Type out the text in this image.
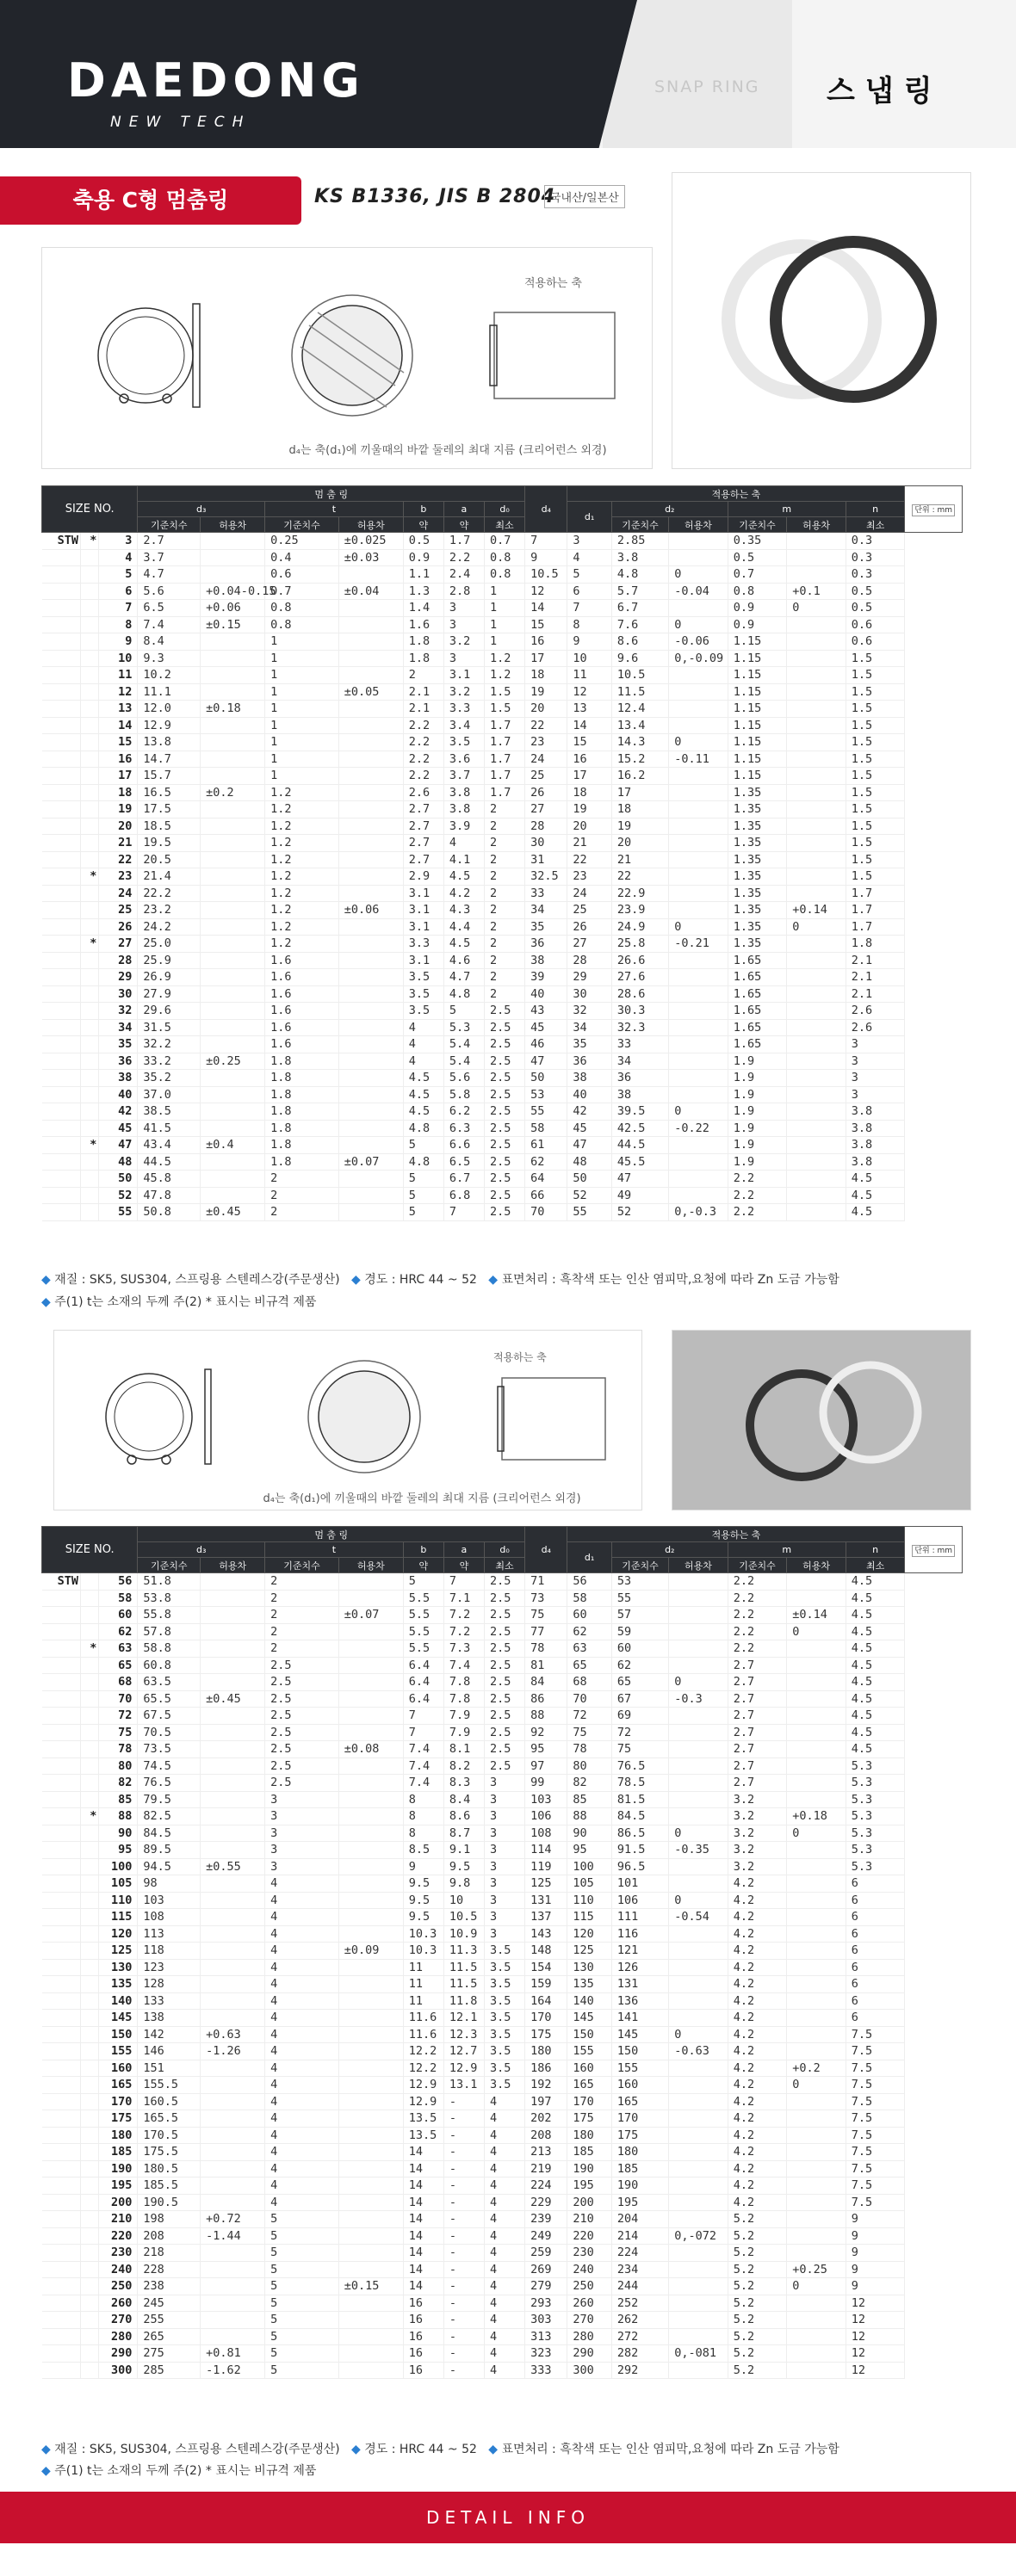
DAEDONG
NEW TECH
SNAP RING 스냅링
축용 C형 멈춤링	KS B1336, JIS B 2804
국내산/일본산
적용하는 축
d₄는 축(d₁)에 끼울때의 바깥 둘레의 최대 지름 (크리어런스 외경)
SIZE NO.			멈 춤 링							d₄	적용하는 축						단위 : mm
			d₃		t		b	a	d₀		d₁	d₂		m		n	
			기준치수	허용차	기준치수	허용차	약	약	최소			기준치수	허용차	기준치수	허용차	최소	
STW	*	3	2.7		0.25	±0.025	0.5	1.7	0.7	7	3	2.85		0.35		0.3	
		4	3.7		0.4	±0.03	0.9	2.2	0.8	9	4	3.8		0.5		0.3	
		5	4.7		0.6		1.1	2.4	0.8	10.5	5	4.8	0	0.7		0.3	
		6	5.6	+0.04-0.15	0.7	±0.04	1.3	2.8	1	12	6	5.7	-0.04	0.8	+0.1	0.5	
		7	6.5	+0.06	0.8		1.4	3	1	14	7	6.7		0.9	0	0.5	
		8	7.4	±0.15	0.8		1.6	3	1	15	8	7.6	0	0.9		0.6	
		9	8.4		1		1.8	3.2	1	16	9	8.6	-0.06	1.15		0.6	
		10	9.3		1		1.8	3	1.2	17	10	9.6	0,-0.09	1.15		1.5	
		11	10.2		1		2	3.1	1.2	18	11	10.5		1.15		1.5	
		12	11.1		1	±0.05	2.1	3.2	1.5	19	12	11.5		1.15		1.5	
		13	12.0	±0.18	1		2.1	3.3	1.5	20	13	12.4		1.15		1.5	
		14	12.9		1		2.2	3.4	1.7	22	14	13.4		1.15		1.5	
		15	13.8		1		2.2	3.5	1.7	23	15	14.3	0	1.15		1.5	
		16	14.7		1		2.2	3.6	1.7	24	16	15.2	-0.11	1.15		1.5	
		17	15.7		1		2.2	3.7	1.7	25	17	16.2		1.15		1.5	
		18	16.5	±0.2	1.2		2.6	3.8	1.7	26	18	17		1.35		1.5	
		19	17.5		1.2		2.7	3.8	2	27	19	18		1.35		1.5	
		20	18.5		1.2		2.7	3.9	2	28	20	19		1.35		1.5	
		21	19.5		1.2		2.7	4	2	30	21	20		1.35		1.5	
		22	20.5		1.2		2.7	4.1	2	31	22	21		1.35		1.5	
	*	23	21.4		1.2		2.9	4.5	2	32.5	23	22		1.35		1.5	
		24	22.2		1.2		3.1	4.2	2	33	24	22.9		1.35		1.7	
		25	23.2		1.2	±0.06	3.1	4.3	2	34	25	23.9		1.35	+0.14	1.7	
		26	24.2		1.2		3.1	4.4	2	35	26	24.9	0	1.35	0	1.7	
	*	27	25.0		1.2		3.3	4.5	2	36	27	25.8	-0.21	1.35		1.8	
		28	25.9		1.6		3.1	4.6	2	38	28	26.6		1.65		2.1	
		29	26.9		1.6		3.5	4.7	2	39	29	27.6		1.65		2.1	
		30	27.9		1.6		3.5	4.8	2	40	30	28.6		1.65		2.1	
		32	29.6		1.6		3.5	5	2.5	43	32	30.3		1.65		2.6	
		34	31.5		1.6		4	5.3	2.5	45	34	32.3		1.65		2.6	
		35	32.2		1.6		4	5.4	2.5	46	35	33		1.65		3	
		36	33.2	±0.25	1.8		4	5.4	2.5	47	36	34		1.9		3	
		38	35.2		1.8		4.5	5.6	2.5	50	38	36		1.9		3	
		40	37.0		1.8		4.5	5.8	2.5	53	40	38		1.9		3	
		42	38.5		1.8		4.5	6.2	2.5	55	42	39.5	0	1.9		3.8	
		45	41.5		1.8		4.8	6.3	2.5	58	45	42.5	-0.22	1.9		3.8	
	*	47	43.4	±0.4	1.8		5	6.6	2.5	61	47	44.5		1.9		3.8	
		48	44.5		1.8	±0.07	4.8	6.5	2.5	62	48	45.5		1.9		3.8	
		50	45.8		2		5	6.7	2.5	64	50	47		2.2		4.5	
		52	47.8		2		5	6.8	2.5	66	52	49		2.2		4.5	
		55	50.8	±0.45	2		5	7	2.5	70	55	52	0,-0.3	2.2		4.5	
◆ 재질 : SK5, SUS304, 스프링용 스텐레스강(주문생산) ◆ 경도 : HRC 44 ~ 52 ◆ 표면처리 : 흑착색 또는 인산 염피막,요청에 따라 Zn 도금 가능함
◆ 주(1) t는 소재의 두께 주(2) * 표시는 비규격 제품
적용하는 축
d₄는 축(d₁)에 끼울때의 바깥 둘레의 최대 지름 (크리어런스 외경)
SIZE NO.			멈 춤 링							d₄	적용하는 축						단위 : mm
			d₃		t		b	a	d₀		d₁	d₂		m		n	
			기준치수	허용차	기준치수	허용차	약	약	최소			기준치수	허용차	기준치수	허용차	최소	
STW		56	51.8		2		5	7	2.5	71	56	53		2.2		4.5	
		58	53.8		2		5.5	7.1	2.5	73	58	55		2.2		4.5	
		60	55.8		2	±0.07	5.5	7.2	2.5	75	60	57		2.2	±0.14	4.5	
		62	57.8		2		5.5	7.2	2.5	77	62	59		2.2	0	4.5	
	*	63	58.8		2		5.5	7.3	2.5	78	63	60		2.2		4.5	
		65	60.8		2.5		6.4	7.4	2.5	81	65	62		2.7		4.5	
		68	63.5		2.5		6.4	7.8	2.5	84	68	65	0	2.7		4.5	
		70	65.5	±0.45	2.5		6.4	7.8	2.5	86	70	67	-0.3	2.7		4.5	
		72	67.5		2.5		7	7.9	2.5	88	72	69		2.7		4.5	
		75	70.5		2.5		7	7.9	2.5	92	75	72		2.7		4.5	
		78	73.5		2.5	±0.08	7.4	8.1	2.5	95	78	75		2.7		4.5	
		80	74.5		2.5		7.4	8.2	2.5	97	80	76.5		2.7		5.3	
		82	76.5		2.5		7.4	8.3	3	99	82	78.5		2.7		5.3	
		85	79.5		3		8	8.4	3	103	85	81.5		3.2		5.3	
	*	88	82.5		3		8	8.6	3	106	88	84.5		3.2	+0.18	5.3	
		90	84.5		3		8	8.7	3	108	90	86.5	0	3.2	0	5.3	
		95	89.5		3		8.5	9.1	3	114	95	91.5	-0.35	3.2		5.3	
		100	94.5	±0.55	3		9	9.5	3	119	100	96.5		3.2		5.3	
		105	98		4		9.5	9.8	3	125	105	101		4.2		6	
		110	103		4		9.5	10	3	131	110	106	0	4.2		6	
		115	108		4		9.5	10.5	3	137	115	111	-0.54	4.2		6	
		120	113		4		10.3	10.9	3	143	120	116		4.2		6	
		125	118		4	±0.09	10.3	11.3	3.5	148	125	121		4.2		6	
		130	123		4		11	11.5	3.5	154	130	126		4.2		6	
		135	128		4		11	11.5	3.5	159	135	131		4.2		6	
		140	133		4		11	11.8	3.5	164	140	136		4.2		6	
		145	138		4		11.6	12.1	3.5	170	145	141		4.2		6	
		150	142	+0.63	4		11.6	12.3	3.5	175	150	145	0	4.2		7.5	
		155	146	-1.26	4		12.2	12.7	3.5	180	155	150	-0.63	4.2		7.5	
		160	151		4		12.2	12.9	3.5	186	160	155		4.2	+0.2	7.5	
		165	155.5		4		12.9	13.1	3.5	192	165	160		4.2	0	7.5	
		170	160.5		4		12.9	-	4	197	170	165		4.2		7.5	
		175	165.5		4		13.5	-	4	202	175	170		4.2		7.5	
		180	170.5		4		13.5	-	4	208	180	175		4.2		7.5	
		185	175.5		4		14	-	4	213	185	180		4.2		7.5	
		190	180.5		4		14	-	4	219	190	185		4.2		7.5	
		195	185.5		4		14	-	4	224	195	190		4.2		7.5	
		200	190.5		4		14	-	4	229	200	195		4.2		7.5	
		210	198	+0.72	5		14	-	4	239	210	204		5.2		9	
		220	208	-1.44	5		14	-	4	249	220	214	0,-072	5.2		9	
		230	218		5		14	-	4	259	230	224		5.2		9	
		240	228		5		14	-	4	269	240	234		5.2	+0.25	9	
		250	238		5	±0.15	14	-	4	279	250	244		5.2	0	9	
		260	245		5		16	-	4	293	260	252		5.2		12	
		270	255		5		16	-	4	303	270	262		5.2		12	
		280	265		5		16	-	4	313	280	272		5.2		12	
		290	275	+0.81	5		16	-	4	323	290	282	0,-081	5.2		12	
		300	285	-1.62	5		16	-	4	333	300	292		5.2		12	
◆ 재질 : SK5, SUS304, 스프링용 스텐레스강(주문생산) ◆ 경도 : HRC 44 ~ 52 ◆ 표면처리 : 흑착색 또는 인산 염피막,요청에 따라 Zn 도금 가능함
◆ 주(1) t는 소재의 두께 주(2) * 표시는 비규격 제품
DETAIL INFO
